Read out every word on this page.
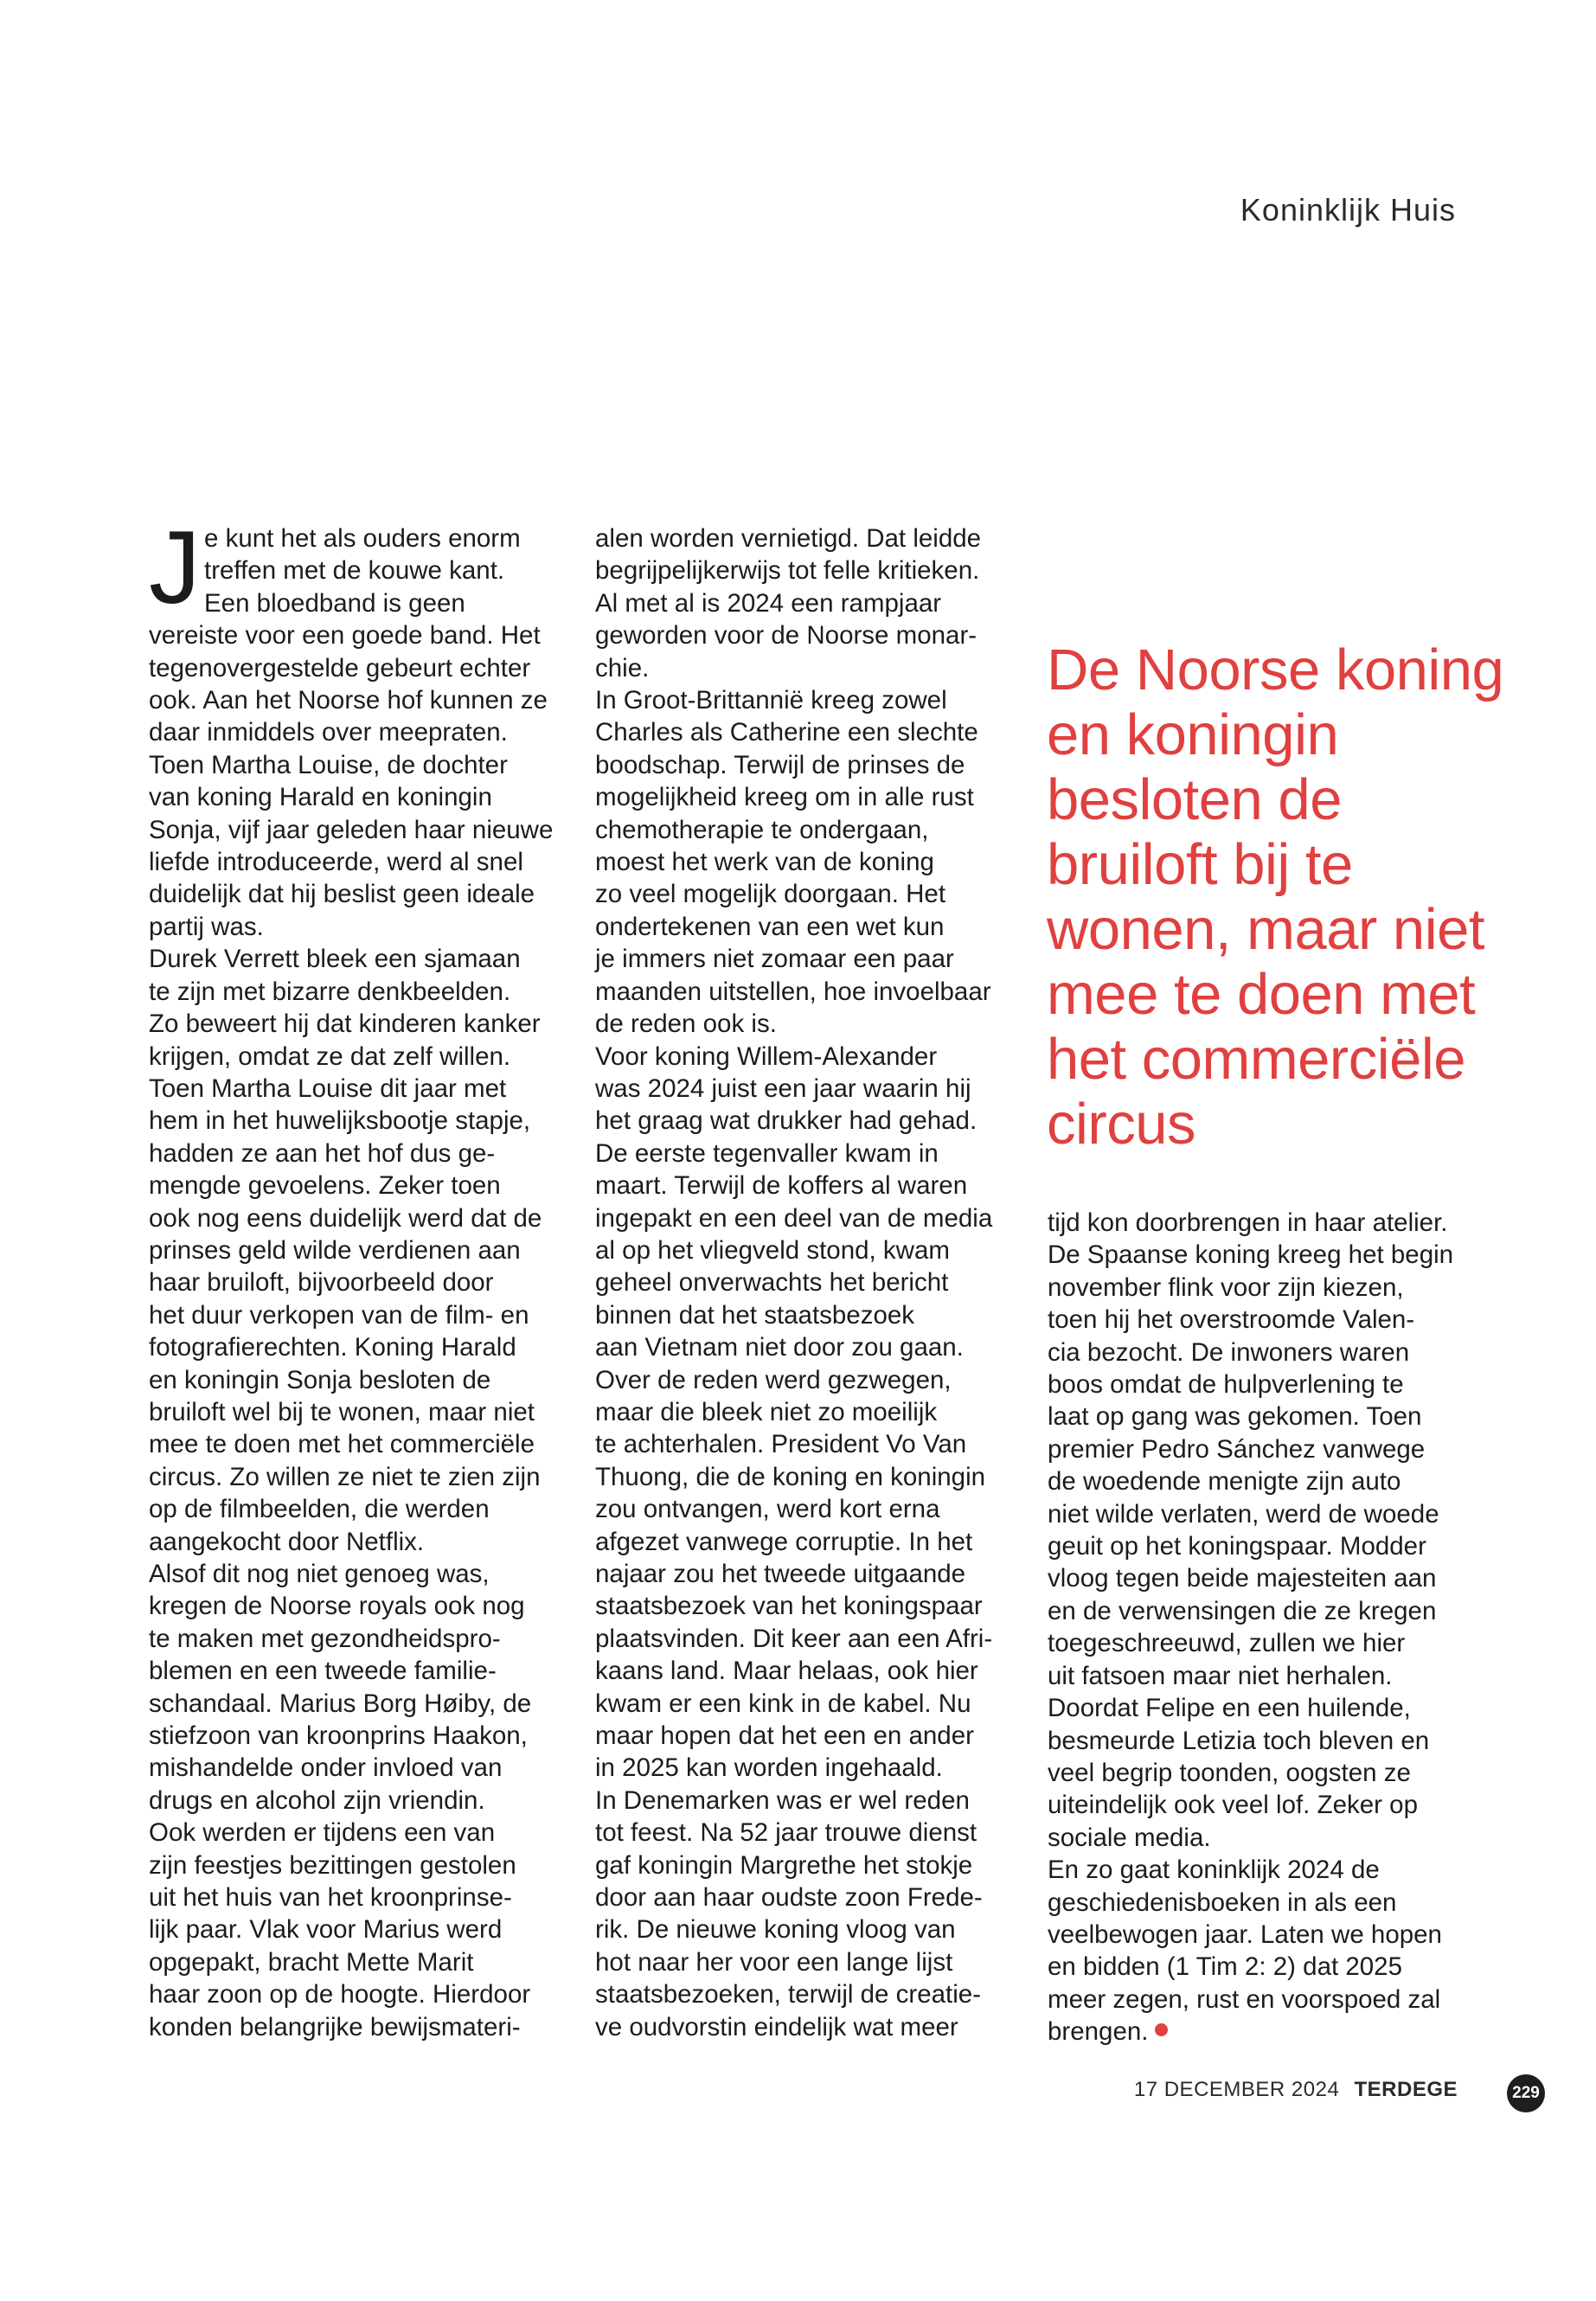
Koninklijk Huis
J e kunt het als ouders enorm
treffen met de kouwe kant.
Een bloedband is geen
vereiste voor een goede band. Het
tegenovergestelde gebeurt echter
ook. Aan het Noorse hof kunnen ze
daar inmiddels over meepraten.
Toen Martha Louise, de dochter
van koning Harald en koningin
Sonja, vijf jaar geleden haar nieuwe
liefde introduceerde, werd al snel
duidelijk dat hij beslist geen ideale
partij was.
Durek Verrett bleek een sjamaan
te zijn met bizarre denkbeelden.
Zo beweert hij dat kinderen kanker
krijgen, omdat ze dat zelf willen.
Toen Martha Louise dit jaar met
hem in het huwelijksbootje stapje,
hadden ze aan het hof dus ge-
mengde gevoelens. Zeker toen
ook nog eens duidelijk werd dat de
prinses geld wilde verdienen aan
haar bruiloft, bijvoorbeeld door
het duur verkopen van de film- en
fotografierechten. Koning Harald
en koningin Sonja besloten de
bruiloft wel bij te wonen, maar niet
mee te doen met het commerciële
circus. Zo willen ze niet te zien zijn
op de filmbeelden, die werden
aangekocht door Netflix.
Alsof dit nog niet genoeg was,
kregen de Noorse royals ook nog
te maken met gezondheidspro-
blemen en een tweede familie-
schandaal. Marius Borg Høiby, de
stiefzoon van kroonprins Haakon,
mishandelde onder invloed van
drugs en alcohol zijn vriendin.
Ook werden er tijdens een van
zijn feestjes bezittingen gestolen
uit het huis van het kroonprinse-
lijk paar. Vlak voor Marius werd
opgepakt, bracht Mette Marit
haar zoon op de hoogte. Hierdoor
konden belangrijke bewijsmateri-
alen worden vernietigd. Dat leidde
begrijpelijkerwijs tot felle kritieken.
Al met al is 2024 een rampjaar
geworden voor de Noorse monar-
chie.
In Groot-Brittannië kreeg zowel
Charles als Catherine een slechte
boodschap. Terwijl de prinses de
mogelijkheid kreeg om in alle rust
chemotherapie te ondergaan,
moest het werk van de koning
zo veel mogelijk doorgaan. Het
ondertekenen van een wet kun
je immers niet zomaar een paar
maanden uitstellen, hoe invoelbaar
de reden ook is.
Voor koning Willem-Alexander
was 2024 juist een jaar waarin hij
het graag wat drukker had gehad.
De eerste tegenvaller kwam in
maart. Terwijl de koffers al waren
ingepakt en een deel van de media
al op het vliegveld stond, kwam
geheel onverwachts het bericht
binnen dat het staatsbezoek
aan Vietnam niet door zou gaan.
Over de reden werd gezwegen,
maar die bleek niet zo moeilijk
te achterhalen. President Vo Van
Thuong, die de koning en koningin
zou ontvangen, werd kort erna
afgezet vanwege corruptie. In het
najaar zou het tweede uitgaande
staatsbezoek van het koningspaar
plaatsvinden. Dit keer aan een Afri-
kaans land. Maar helaas, ook hier
kwam er een kink in de kabel. Nu
maar hopen dat het een en ander
in 2025 kan worden ingehaald.
In Denemarken was er wel reden
tot feest. Na 52 jaar trouwe dienst
gaf koningin Margrethe het stokje
door aan haar oudste zoon Frede-
rik. De nieuwe koning vloog van
hot naar her voor een lange lijst
staatsbezoeken, terwijl de creatie-
ve oudvorstin eindelijk wat meer
De Noorse koning
en koningin
besloten de
bruiloft bij te
wonen, maar niet
mee te doen met
het commerciële
circus
tijd kon doorbrengen in haar atelier.
De Spaanse koning kreeg het begin
november flink voor zijn kiezen,
toen hij het overstroomde Valen-
cia bezocht. De inwoners waren
boos omdat de hulpverlening te
laat op gang was gekomen. Toen
premier Pedro Sánchez vanwege
de woedende menigte zijn auto
niet wilde verlaten, werd de woede
geuit op het koningspaar. Modder
vloog tegen beide majesteiten aan
en de verwensingen die ze kregen
toegeschreeuwd, zullen we hier
uit fatsoen maar niet herhalen.
Doordat Felipe en een huilende,
besmeurde Letizia toch bleven en
veel begrip toonden, oogsten ze
uiteindelijk ook veel lof. Zeker op
sociale media.
En zo gaat koninklijk 2024 de
geschiedenisboeken in als een
veelbewogen jaar. Laten we hopen
en bidden (1 Tim 2: 2) dat 2025
meer zegen, rust en voorspoed zal
brengen.
17 DECEMBER 2024 TERDEGE	229
